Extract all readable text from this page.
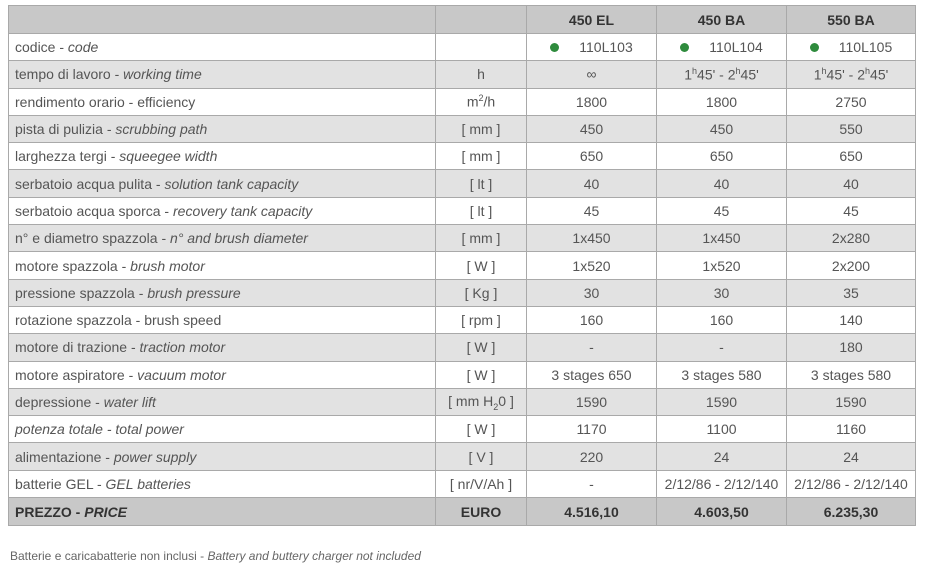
		450 EL	450 BA	550 BA
codice - code		110L103	110L104	110L105
tempo di lavoro - working time	h	∞	1$^h$45' - 2$^h$45'	1$^h$45' - 2$^h$45'
rendimento orario - efficiency	$m^2/h$	1800	1800	2750
pista di pulizia - scrubbing path	[ mm ]	450	450	550
larghezza tergi - squeegee width	[ mm ]	650	650	650
serbatoio acqua pulita - solution tank capacity	[ lt ]	40	40	40
serbatoio acqua sporca - recovery tank capacity	[ lt ]	45	45	45
n° e diametro spazzola - n° and brush diameter	[ mm ]	1x450	1x450	2x280
motore spazzola - brush motor	[ W ]	1x520	1x520	2x200
pressione spazzola - brush pressure	[ Kg ]	30	30	35
rotazione spazzola - brush speed	[ rpm ]	160	160	140
motore di trazione - traction motor	[ W ]	-	-	180
motore aspiratore - vacuum motor	[ W ]	3 stages 650	3 stages 580	3 stages 580
depressione - water lift	[ mm $H_20$ ]	1590	1590	1590
potenza totale - total power	[ W ]	1170	1100	1160
alimentazione - power supply	[ V ]	220	24	24
batterie GEL - GEL batteries	[ nr/V/Ah ]	-	2/12/86 - 2/12/140	2/12/86 - 2/12/140
PREZZO - PRICE	EURO	4.516,10	4.603,50	6.235,30
Batterie e caricabatterie non inclusi - Battery and buttery charger not included
